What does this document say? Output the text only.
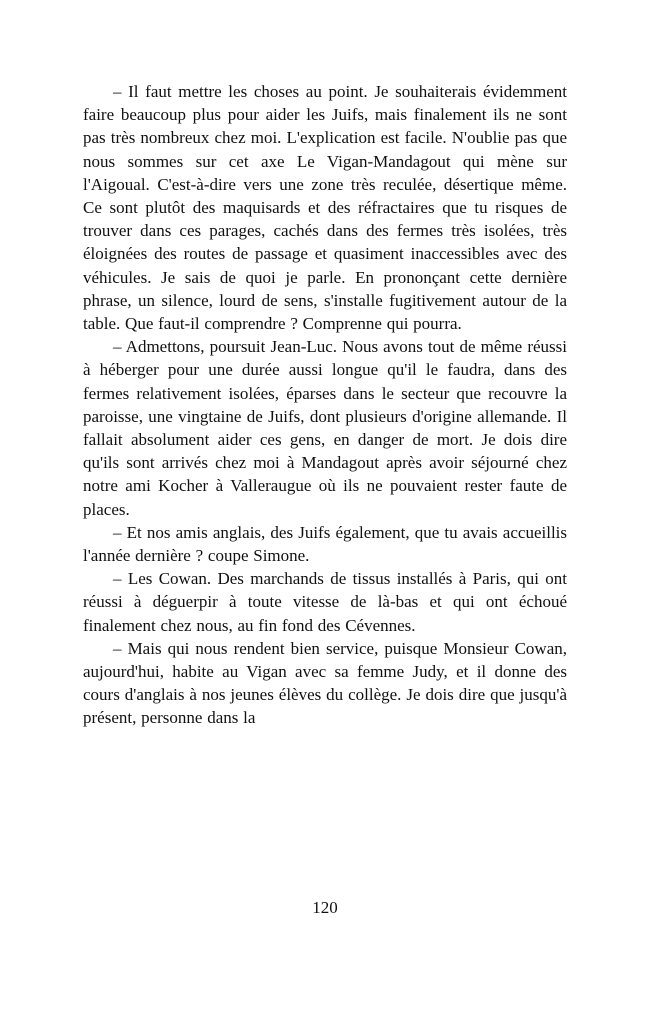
– Il faut mettre les choses au point. Je souhaiterais évidemment faire beaucoup plus pour aider les Juifs, mais finalement ils ne sont pas très nombreux chez moi. L'explication est facile. N'oublie pas que nous sommes sur cet axe Le Vigan-Mandagout qui mène sur l'Aigoual. C'est-à-dire vers une zone très reculée, désertique même. Ce sont plutôt des maquisards et des réfractaires que tu risques de trouver dans ces parages, cachés dans des fermes très isolées, très éloignées des routes de passage et quasiment inaccessibles avec des véhicules. Je sais de quoi je parle. En prononçant cette dernière phrase, un silence, lourd de sens, s'installe fugitivement autour de la table. Que faut-il comprendre ? Comprenne qui pourra.

– Admettons, poursuit Jean-Luc. Nous avons tout de même réussi à héberger pour une durée aussi longue qu'il le faudra, dans des fermes relativement isolées, éparses dans le secteur que recouvre la paroisse, une vingtaine de Juifs, dont plusieurs d'origine allemande. Il fallait absolument aider ces gens, en danger de mort. Je dois dire qu'ils sont arrivés chez moi à Mandagout après avoir séjourné chez notre ami Kocher à Valleraugue où ils ne pouvaient rester faute de places.

– Et nos amis anglais, des Juifs également, que tu avais accueillis l'année dernière ? coupe Simone.

– Les Cowan. Des marchands de tissus installés à Paris, qui ont réussi à déguerpir à toute vitesse de là-bas et qui ont échoué finalement chez nous, au fin fond des Cévennes.

– Mais qui nous rendent bien service, puisque Monsieur Cowan, aujourd'hui, habite au Vigan avec sa femme Judy, et il donne des cours d'anglais à nos jeunes élèves du collège. Je dois dire que jusqu'à présent, personne dans la

120
